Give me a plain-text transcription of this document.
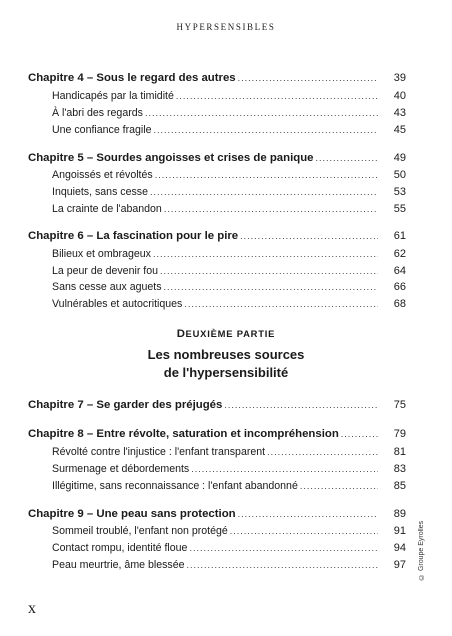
HYPERSENSIBLES
Chapitre 4 – Sous le regard des autres .....	39
Handicapés par la timidité .....	40
À l'abri des regards .....	43
Une confiance fragile .....	45
Chapitre 5 – Sourdes angoisses et crises de panique .....	49
Angoissés et révoltés .....	50
Inquiets, sans cesse .....	53
La crainte de l'abandon .....	55
Chapitre 6 – La fascination pour le pire .....	61
Bilieux et ombrageux .....	62
La peur de devenir fou .....	64
Sans cesse aux aguets .....	66
Vulnérables et autocritiques .....	68
DEUXIÈME PARTIE
Les nombreuses sources
de l'hypersensibilité
Chapitre 7 – Se garder des préjugés .....	75
Chapitre 8 – Entre révolte, saturation et incompréhension .....	79
Révolté contre l'injustice : l'enfant transparent .....	81
Surmenage et débordements .....	83
Illégitime, sans reconnaissance : l'enfant abandonné .....	85
Chapitre 9 – Une peau sans protection .....	89
Sommeil troublé, l'enfant non protégé .....	91
Contact rompu, identité floue .....	94
Peau meurtrie, âme blessée .....	97
x
© Groupe Eyrolles
